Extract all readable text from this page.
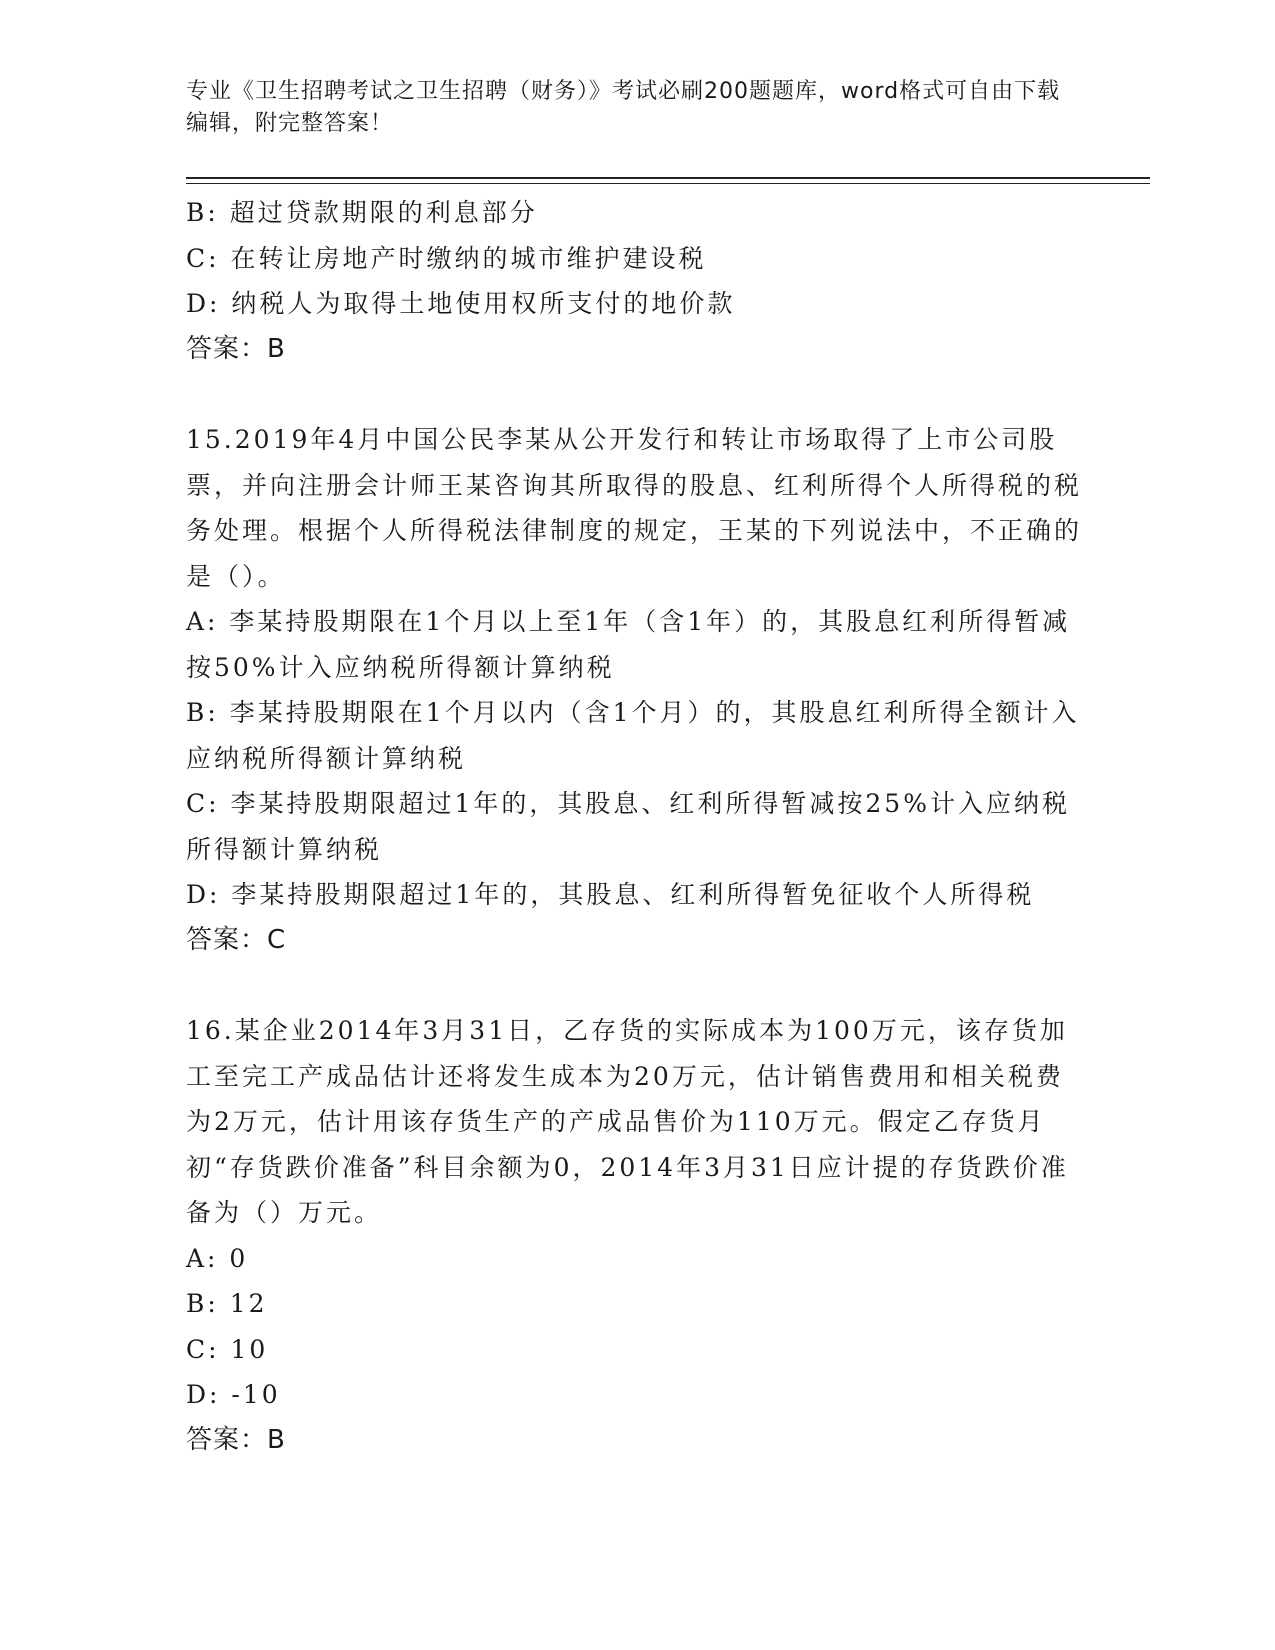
专业《卫生招聘考试之卫生招聘（财务）》考试必刷200题题库，word格式可自由下载编辑，附完整答案！

B: 超过贷款期限的利息部分

C: 在转让房地产时缴纳的城市维护建设税

D: 纳税人为取得土地使用权所支付的地价款

答案：B

15.2019年4月中国公民李某从公开发行和转让市场取得了上市公司股票，并向注册会计师王某咨询其所取得的股息、红利所得个人所得税的税务处理。根据个人所得税法律制度的规定，王某的下列说法中，不正确的是（）。

A: 李某持股期限在1个月以上至1年（含1年）的，其股息红利所得暂减按50%计入应纳税所得额计算纳税

B: 李某持股期限在1个月以内（含1个月）的，其股息红利所得全额计入应纳税所得额计算纳税

C: 李某持股期限超过1年的，其股息、红利所得暂减按25%计入应纳税所得额计算纳税

D: 李某持股期限超过1年的，其股息、红利所得暂免征收个人所得税

答案：C

16.某企业2014年3月31日，乙存货的实际成本为100万元，该存货加工至完工产成品估计还将发生成本为20万元，估计销售费用和相关税费为2万元，估计用该存货生产的产成品售价为110万元。假定乙存货月初“存货跌价准备”科目余额为0，2014年3月31日应计提的存货跌价准备为（）万元。

A: 0

B: 12

C: 10

D: -10

答案：B
